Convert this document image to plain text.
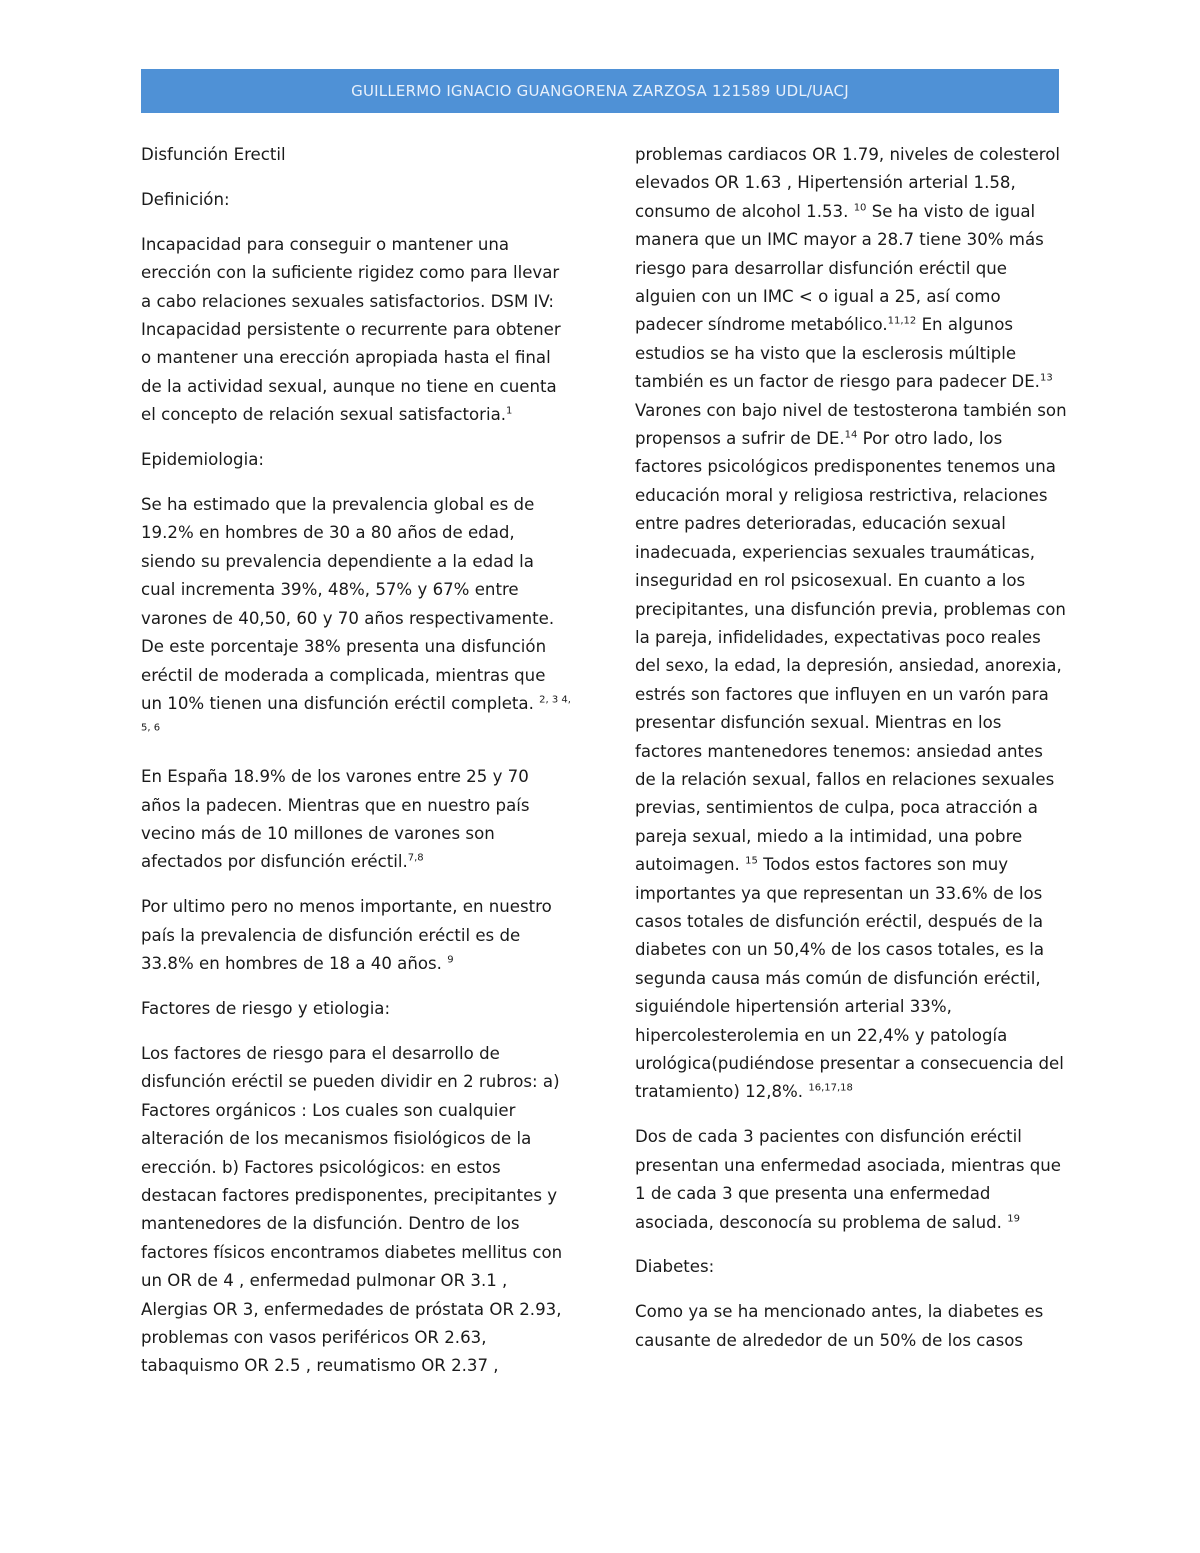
GUILLERMO IGNACIO GUANGORENA ZARZOSA 121589 UDL/UACJ

Disfunción Erectil

Definición:

Incapacidad para conseguir o mantener una erección con la suficiente rigidez como para llevar a cabo relaciones sexuales satisfactorios. DSM IV: Incapacidad persistente o recurrente para obtener o mantener una erección apropiada hasta el final de la actividad sexual, aunque no tiene en cuenta el concepto de relación sexual satisfactoria.$^1$

Epidemiologia:

Se ha estimado que la prevalencia global es de 19.2% en hombres de 30 a 80 años de edad, siendo su prevalencia dependiente a la edad la cual incrementa 39%, 48%, 57% y 67% entre varones de 40,50, 60 y 70 años respectivamente. De este porcentaje 38% presenta una disfunción eréctil de moderada a complicada, mientras que un 10% tienen una disfunción eréctil completa. $^{2, 3 4, 5, 6}$

En España 18.9% de los varones entre 25 y 70 años la padecen. Mientras que en nuestro país vecino más de 10 millones de varones son afectados por disfunción eréctil.$^{7,8}$

Por ultimo pero no menos importante, en nuestro país la prevalencia de disfunción eréctil es de 33.8% en hombres de 18 a 40 años. $^9$

Factores de riesgo y etiologia:

Los factores de riesgo para el desarrollo de disfunción eréctil se pueden dividir en 2 rubros: a) Factores orgánicos : Los cuales son cualquier alteración de los mecanismos fisiológicos de la erección. b) Factores psicológicos: en estos destacan factores predisponentes, precipitantes y mantenedores de la disfunción. Dentro de los factores físicos encontramos diabetes mellitus con un OR de 4 , enfermedad pulmonar OR 3.1 , Alergias OR 3, enfermedades de próstata OR 2.93, problemas con vasos periféricos OR 2.63, tabaquismo OR 2.5 , reumatismo OR 2.37 ,

problemas cardiacos OR 1.79, niveles de colesterol elevados OR 1.63 , Hipertensión arterial 1.58, consumo de alcohol 1.53. $^{10}$ Se ha visto de igual manera que un IMC mayor a 28.7 tiene 30% más riesgo para desarrollar disfunción eréctil que alguien con un IMC < o igual a 25, así como padecer síndrome metabólico.$^{11,12}$ En algunos estudios se ha visto que la esclerosis múltiple también es un factor de riesgo para padecer DE.$^{13}$ Varones con bajo nivel de testosterona también son propensos a sufrir de DE.$^{14}$ Por otro lado, los factores psicológicos predisponentes tenemos una educación moral y religiosa restrictiva, relaciones entre padres deterioradas, educación sexual inadecuada, experiencias sexuales traumáticas, inseguridad en rol psicosexual. En cuanto a los precipitantes, una disfunción previa, problemas con la pareja, infidelidades, expectativas poco reales del sexo, la edad, la depresión, ansiedad, anorexia, estrés son factores que influyen en un varón para presentar disfunción sexual. Mientras en los factores mantenedores tenemos: ansiedad antes de la relación sexual, fallos en relaciones sexuales previas, sentimientos de culpa, poca atracción a pareja sexual, miedo a la intimidad, una pobre autoimagen. $^{15}$ Todos estos factores son muy importantes ya que representan un 33.6% de los casos totales de disfunción eréctil, después de la diabetes con un 50,4% de los casos totales, es la segunda causa más común de disfunción eréctil, siguiéndole hipertensión arterial 33%, hipercolesterolemia en un 22,4% y patología urológica(pudiéndose presentar a consecuencia del tratamiento) 12,8%. $^{16,17,18}$

Dos de cada 3 pacientes con disfunción eréctil presentan una enfermedad asociada, mientras que 1 de cada 3 que presenta una enfermedad asociada, desconocía su problema de salud. $^{19}$

Diabetes:

Como ya se ha mencionado antes, la diabetes es causante de alrededor de un 50% de los casos
